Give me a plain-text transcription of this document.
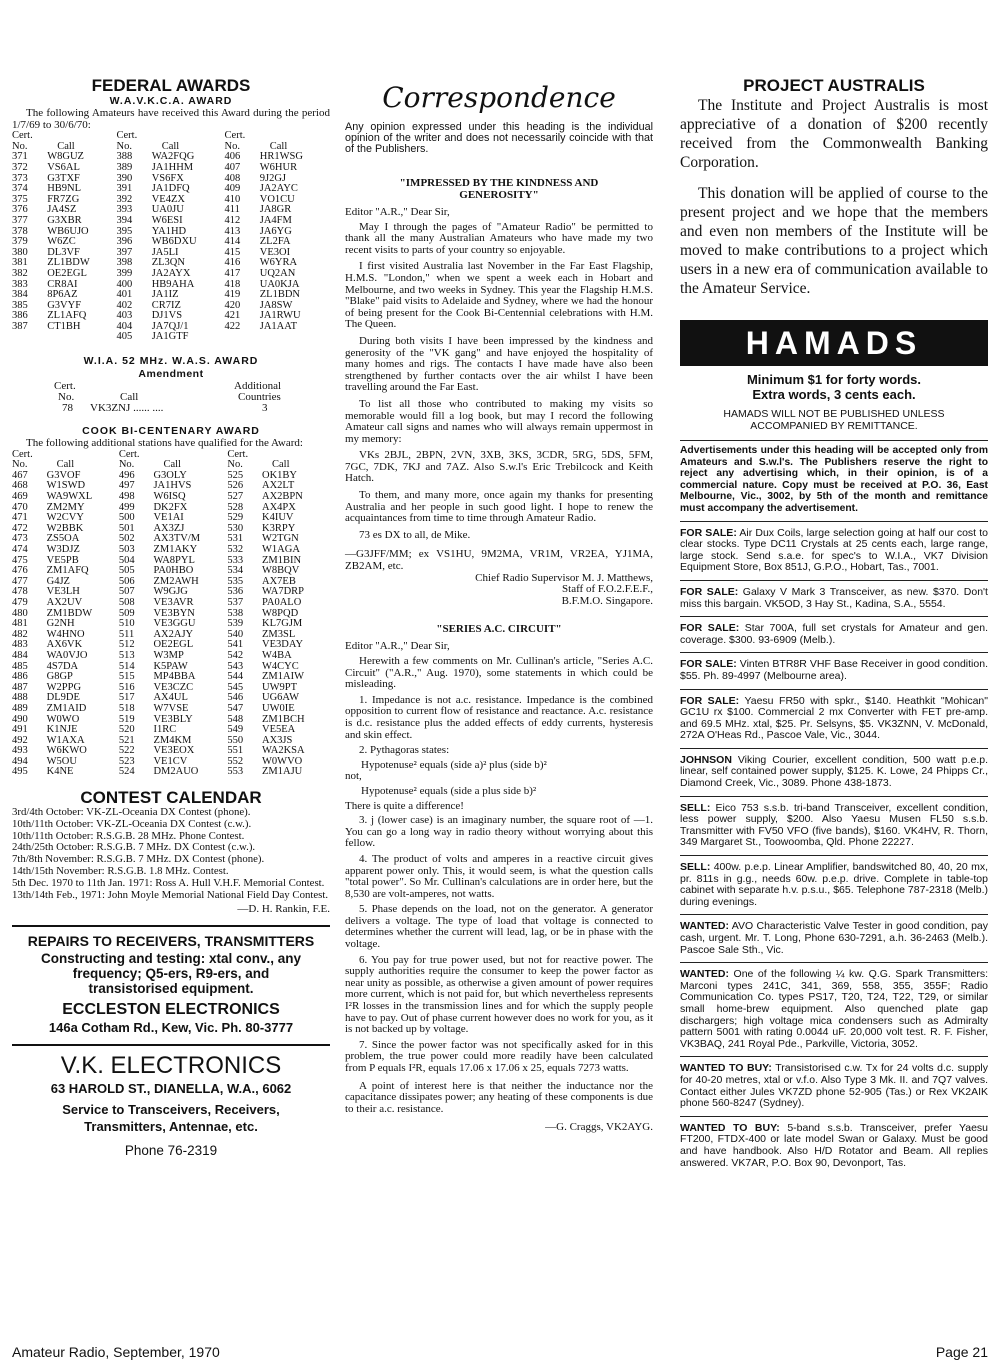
FEDERAL AWARDS
W.A.V.K.C.A. AWARD

The following Amateurs have received this Award during the period 1/7/69 to 30/6/70:

Cert.		Cert.		Cert.	
No.	Call	No.	Call	No.	Call
371	W8GUZ	388	WA2FQG	406	HR1WSG
372	VS6AL	389	JA1HHM	407	W6HUR
373	G3TXF	390	VS6FX	408	9J2GJ
374	HB9NL	391	JA1DFQ	409	JA2AYC
375	FR7ZG	392	VE4ZX	410	VO1CU
376	JA4SZ	393	UA0JU	411	JA8GR
377	G3XBR	394	W6ESI	412	JA4FM
378	WB6UJO	395	YA1HD	413	JA6YG
379	W6ZC	396	WB6DXU	414	ZL2FA
380	DL3VF	397	JA5LI	415	VE3OI
381	ZL1BDW	398	ZL3QN	416	W6YRA
382	OE2EGL	399	JA2AYX	417	UQ2AN
383	CR8AI	400	HB9AHA	418	UA0KJA
384	8P6AZ	401	JA1IZ	419	ZL1BDN
385	G3VYF	402	CR7IZ	420	JA8SW
386	ZL1AFQ	403	DJ1VS	421	JA1RWU
387	CT1BH	404	JA7QJ/1	422	JA1AAT
		405	JA1GTF		
W.I.A. 52 MHz. W.A.S. AWARD
Amendment
Cert.
No.	Call
Additional
Countries
78 VK3ZNJ ...... ....	3
COOK BI-CENTENARY AWARD

The following additional stations have qualified for the Award:

Cert.		Cert.		Cert.	
No.	Call	No.	Call	No.	Call
467	G3VOF	496	G3OLY	525	OK1BY
468	W1SWD	497	JA1HVS	526	AX2LT
469	WA9WXL	498	W6ISQ	527	AX2BPN
470	ZM2MY	499	DK2FX	528	AX4PX
471	W2CVY	500	VE1AI	529	K4IUV
472	W2BBK	501	AX3ZJ	530	K3RPY
473	ZS5OA	502	AX3TV/M	531	W2TGN
474	W3DJZ	503	ZM1AKY	532	W1AGA
475	VE5PB	504	WA8PYL	533	ZM1BIN
476	ZM1AFQ	505	PA0HBO	534	W8BQV
477	G4JZ	506	ZM2AWH	535	AX7EB
478	VE3LH	507	W9GJG	536	WA7DRP
479	AX2UV	508	VE3AVR	537	PA0ALO
480	ZM1BDW	509	VE3BYN	538	W8PQD
481	G2NH	510	VE3GGU	539	KL7GJM
482	W4HNO	511	AX2AJY	540	ZM3SL
483	AX6VK	512	OE2EGL	541	VE3DAY
484	WA0VJO	513	W3MP	542	W4BA
485	4S7DA	514	K5PAW	543	W4CYC
486	G8GP	515	MP4BBA	544	ZM1AIW
487	W2PPG	516	VE3CZC	545	UW9PT
488	DL9DE	517	AX4UL	546	UG6AW
489	ZM1AID	518	W7VSE	547	UW0IE
490	W0WO	519	VE3BLY	548	ZM1BCH
491	K1NJE	520	I1RC	549	VE5EA
492	W1AXA	521	ZM4KM	550	AX3JS
493	W6KWO	522	VE3EOX	551	WA2KSA
494	W5OU	523	VE1CV	552	W0WVO
495	K4NE	524	DM2AUO	553	ZM1AJU
CONTEST CALENDAR

3rd/4th October: VK-ZL-Oceania DX Contest (phone).

10th/11th October: VK-ZL-Oceania DX Contest (c.w.).

10th/11th October: R.S.G.B. 28 MHz. Phone Contest.

24th/25th October: R.S.G.B. 7 MHz. DX Contest (c.w.).

7th/8th November: R.S.G.B. 7 MHz. DX Contest (phone).

14th/15th November: R.S.G.B. 1.8 MHz. Contest.

5th Dec. 1970 to 11th Jan. 1971: Ross A. Hull V.H.F. Memorial Contest.

13th/14th Feb., 1971: John Moyle Memorial National Field Day Contest.

—D. H. Rankin, F.E.

REPAIRS TO RECEIVERS, TRANSMITTERS
Constructing and testing: xtal conv., any frequency; Q5-ers, R9-ers, and transistorised equipment.
ECCLESTON ELECTRONICS
146a Cotham Rd., Kew, Vic. Ph. 80-3777
V.K. ELECTRONICS
63 HAROLD ST., DIANELLA, W.A., 6062
Service to Transceivers, Receivers, Transmitters, Antennae, etc.
Phone 76-2319
Correspondence

Any opinion expressed under this heading is the individual opinion of the writer and does not necessarily coincide with that of the Publishers.

"IMPRESSED BY THE KINDNESS AND GENEROSITY"

Editor "A.R.," Dear Sir,

May I through the pages of "Amateur Radio" be permitted to thank all the many Australian Amateurs who have made my two recent visits to parts of your country so enjoyable.

I first visited Australia last November in the Far East Flagship, H.M.S. "London," when we spent a week each in Hobart and Melbourne, and two weeks in Sydney. This year the Flagship H.M.S. "Blake" paid visits to Adelaide and Sydney, where we had the honour of being present for the Cook Bi-Centennial celebrations with H.M. The Queen.

During both visits I have been impressed by the kindness and generosity of the "VK gang" and have enjoyed the hospitality of many homes and rigs. The contacts I have made have also been strengthened by further contacts over the air whilst I have been travelling around the Far East.

To list all those who contributed to making my visits so memorable would fill a log book, but may I record the following Amateur call signs and names who will always remain uppermost in my memory:

VKs 2BJL, 2BPN, 2VN, 3XB, 3KS, 3CDR, 5RG, 5DS, 5FM, 7GC, 7DK, 7KJ and 7AZ. Also S.w.l's Eric Trebilcock and Keith Hatch.

To them, and many more, once again my thanks for presenting Australia and her people in such good light. I hope to renew the acquaintances from time to time through Amateur Radio.

73 es DX to all, de Mike.

—G3JFF/MM; ex VS1HU, 9M2MA, VR1M, VR2EA, YJ1MA, ZB2AM, etc.
Chief Radio Supervisor M. J. Matthews,
Staff of F.O.2.F.E.F.,
B.F.M.O. Singapore.
"SERIES A.C. CIRCUIT"

Editor "A.R.," Dear Sir,

Herewith a few comments on Mr. Cullinan's article, "Series A.C. Circuit" ("A.R.," Aug. 1970), some statements in which could be misleading.

1. Impedance is not a.c. resistance. Impedance is the combined opposition to current flow of resistance and reactance. A.c. resistance is d.c. resistance plus the added effects of eddy currents, hysteresis and skin effect.

2. Pythagoras states:

Hypotenuse² equals (side a)² plus (side b)²

not,

Hypotenuse² equals (side a plus side b)²

There is quite a difference!

3. j (lower case) is an imaginary number, the square root of —1. You can go a long way in radio theory without worrying about this fellow.

4. The product of volts and amperes in a reactive circuit gives apparent power only. This, it would seem, is what the question calls "total power". So Mr. Cullinan's calculations are in order here, but the 8,530 are volt-amperes, not watts.

5. Phase depends on the load, not on the generator. A generator delivers a voltage. The type of load that voltage is connected to determines whether the current will lead, lag, or be in phase with the voltage.

6. You pay for true power used, but not for reactive power. The supply authorities require the consumer to keep the power factor as near unity as possible, as otherwise a given amount of power requires more current, which is not paid for, but which nevertheless represents I²R losses in the transmission lines and for which the supply people have to pay. Out of phase current however does no work for you, as it is not backed up by voltage.

7. Since the power factor was not specifically asked for in this problem, the true power could more readily have been calculated from P equals I²R, equals 17.06 x 17.06 x 25, equals 7273 watts.

A point of interest here is that neither the inductance nor the capacitance dissipates power; any heating of these components is due to their a.c. resistance.

—G. Craggs, VK2AYG.

PROJECT AUSTRALIS

The Institute and Project Australis is most appreciative of a donation of $200 recently received from the Commonwealth Banking Corporation.

This donation will be applied of course to the present project and we hope that the members and even non members of the Institute will be moved to make contributions to a project which users in a new era of communication available to the Amateur Service.

HAMADS
Minimum $1 for forty words.
Extra words, 3 cents each.
HAMADS WILL NOT BE PUBLISHED UNLESS ACCOMPANIED BY REMITTANCE.

Advertisements under this heading will be accepted only from Amateurs and S.w.l's. The Publishers reserve the right to reject any advertising which, in their opinion, is of a commercial nature. Copy must be received at P.O. 36, East Melbourne, Vic., 3002, by 5th of the month and remittance must accompany the advertisement.

FOR SALE: Air Dux Coils, large selection going at half our cost to clear stocks. Type DC11 Crystals at 25 cents each, large range, large stock. Send s.a.e. for spec's to W.I.A., VK7 Division Equipment Store, Box 851J, G.P.O., Hobart, Tas., 7001.

FOR SALE: Galaxy V Mark 3 Transceiver, as new. $370. Don't miss this bargain. VK5OD, 3 Hay St., Kadina, S.A., 5554.

FOR SALE: Star 700A, full set crystals for Amateur and gen. coverage. $300. 93-6909 (Melb.).

FOR SALE: Vinten BTR8R VHF Base Receiver in good condition. $55. Ph. 89-4997 (Melbourne area).

FOR SALE: Yaesu FR50 with spkr., $140. Heathkit "Mohican" GC1U rx $100. Commercial 2 mx Converter with FET pre-amp. and 69.5 MHz. xtal, $25. Pr. Selsyns, $5. VK3ZNN, V. McDonald, 272A O'Heas Rd., Pascoe Vale, Vic., 3044.

JOHNSON Viking Courier, excellent condition, 500 watt p.e.p. linear, self contained power supply, $125. K. Lowe, 24 Phipps Cr., Diamond Creek, Vic., 3089. Phone 438-1873.

SELL: Eico 753 s.s.b. tri-band Transceiver, excellent condition, less power supply, $200. Also Yaesu Musen FL50 s.s.b. Transmitter with FV50 VFO (five bands), $160. VK4HV, R. Thorn, 349 Margaret St., Toowoomba, Qld. Phone 22227.

SELL: 400w. p.e.p. Linear Amplifier, bandswitched 80, 40, 20 mx, pr. 811s in g.g., needs 60w. p.e.p. drive. Complete in table-top cabinet with separate h.v. p.s.u., $65. Telephone 787-2318 (Melb.) during evenings.

WANTED: AVO Characteristic Valve Tester in good condition, pay cash, urgent. Mr. T. Long, Phone 630-7291, a.h. 36-2463 (Melb.). Pascoe Sale Sth., Vic.

WANTED: One of the following ¼ kw. Q.G. Spark Transmitters: Marconi types 241C, 341, 369, 558, 355, 355F; Radio Communication Co. types PS17, T20, T24, T22, T29, or similar small home-brew equipment. Also quenched plate gap dischargers; high voltage mica condensers such as Admiralty pattern 5001 with rating 0.0044 uF. 20,000 volt test. R. F. Fisher, VK3BAQ, 241 Royal Pde., Parkville, Victoria, 3052.

WANTED TO BUY: Transistorised c.w. Tx for 24 volts d.c. supply for 40-20 metres, xtal or v.f.o. Also Type 3 Mk. II. and 7Q7 valves. Contact either Jules VK7ZD phone 52-905 (Tas.) or Rex VK2AIK phone 560-8247 (Sydney).

WANTED TO BUY: 5-band s.s.b. Transceiver, prefer Yaesu FT200, FTDX-400 or late model Swan or Galaxy. Must be good and have handbook. Also H/D Rotator and Beam. All replies answered. VK7AR, P.O. Box 90, Devonport, Tas.

Amateur Radio, September, 1970	Page 21
